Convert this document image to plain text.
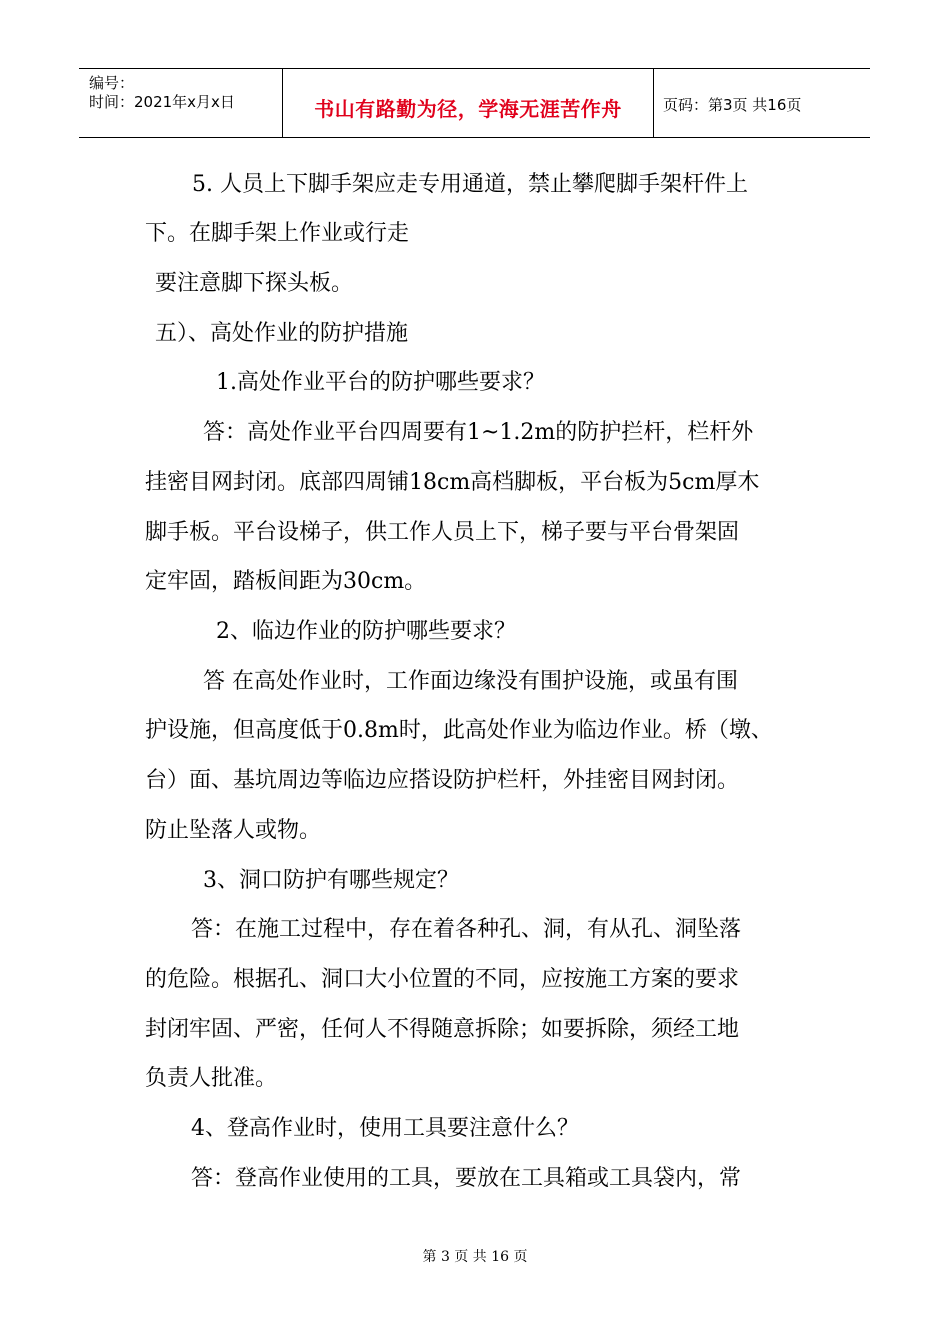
编号：
时间：2021年x月x日	书山有路勤为径，学海无涯苦作舟	页码：第3页 共16页
5. 人员上下脚手架应走专用通道，禁止攀爬脚手架杆件上
下。在脚手架上作业或行走
要注意脚下探头板。
五）、高处作业的防护措施
1.高处作业平台的防护哪些要求？
答：高处作业平台四周要有1~1.2m的防护拦杆，栏杆外
挂密目网封闭。底部四周铺18cm高档脚板，平台板为5cm厚木
脚手板。平台设梯子，供工作人员上下，梯子要与平台骨架固
定牢固，踏板间距为30cm。
2、临边作业的防护哪些要求？
答 在高处作业时，工作面边缘没有围护设施，或虽有围
护设施，但高度低于0.8m时，此高处作业为临边作业。桥（墩、
台）面、基坑周边等临边应搭设防护栏杆，外挂密目网封闭。
防止坠落人或物。
3、洞口防护有哪些规定？
答：在施工过程中，存在着各种孔、洞，有从孔、洞坠落
的危险。根据孔、洞口大小位置的不同，应按施工方案的要求
封闭牢固、严密，任何人不得随意拆除；如要拆除，须经工地
负责人批准。
4、登高作业时，使用工具要注意什么？
答：登高作业使用的工具，要放在工具箱或工具袋内，常
第 3 页 共 16 页
